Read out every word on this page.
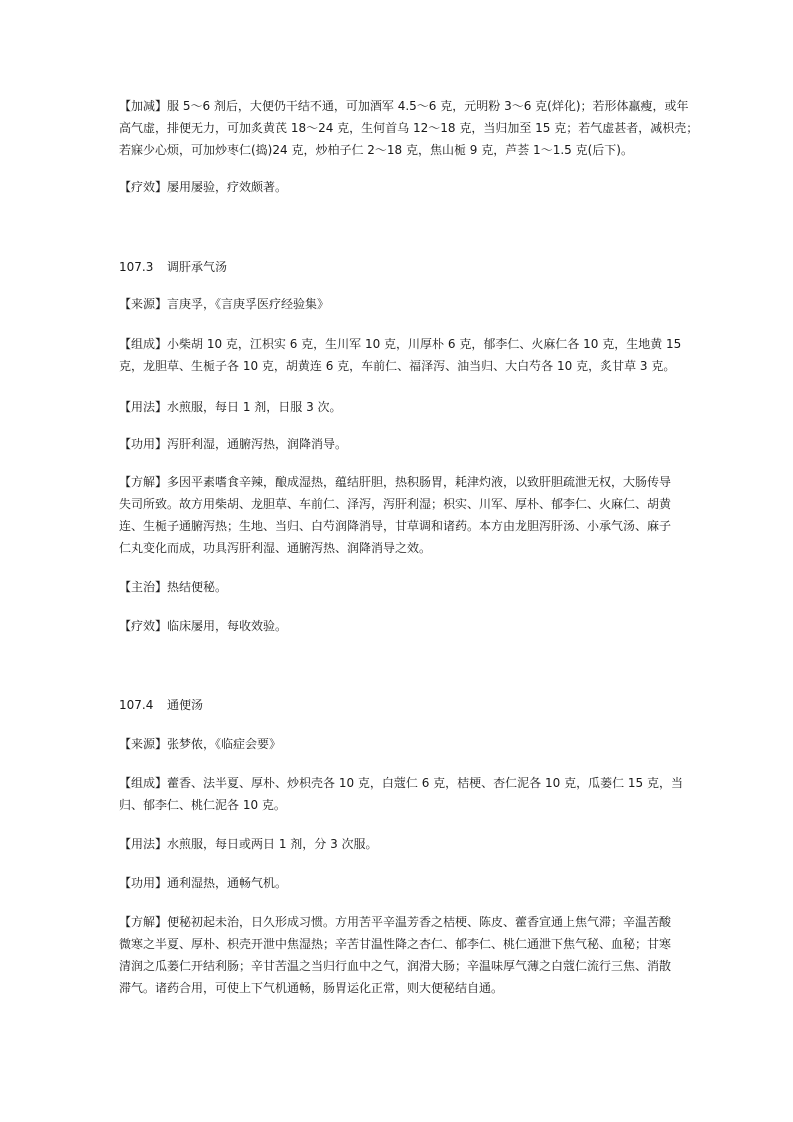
【加减】服 5～6 剂后，大便仍干结不通，可加酒军 4.5～6 克，元明粉 3～6 克(烊化)；若形体羸瘦，或年
高气虚，排便无力，可加炙黄芪 18～24 克，生何首乌 12～18 克，当归加至 15 克；若气虚甚者，减枳壳；
若寐少心烦，可加炒枣仁(捣)24 克，炒柏子仁 2～18 克，焦山栀 9 克，芦荟 1～1.5 克(后下)。
【疗效】屡用屡验，疗效颇著。
107.3 调肝承气汤
【来源】言庚孚，《言庚孚医疗经验集》
【组成】小柴胡 10 克，江枳实 6 克，生川军 10 克，川厚朴 6 克，郁李仁、火麻仁各 10 克，生地黄 15
克，龙胆草、生栀子各 10 克，胡黄连 6 克，车前仁、福泽泻、油当归、大白芍各 10 克，炙甘草 3 克。
【用法】水煎服，每日 1 剂，日服 3 次。
【功用】泻肝利湿，通腑泻热，润降消导。
【方解】多因平素嗜食辛辣，酿成湿热，蕴结肝胆，热积肠胃，耗津灼液，以致肝胆疏泄无权，大肠传导
失司所致。故方用柴胡、龙胆草、车前仁、泽泻，泻肝利湿；枳实、川军、厚朴、郁李仁、火麻仁、胡黄
连、生栀子通腑泻热；生地、当归、白芍润降消导，甘草调和诸药。本方由龙胆泻肝汤、小承气汤、麻子
仁丸变化而成，功具泻肝利湿、通腑泻热、润降消导之效。
【主治】热结便秘。
【疗效】临床屡用，每收效验。
107.4 通便汤
【来源】张梦侬，《临症会要》
【组成】藿香、法半夏、厚朴、炒枳壳各 10 克，白蔻仁 6 克，桔梗、杏仁泥各 10 克，瓜蒌仁 15 克，当
归、郁李仁、桃仁泥各 10 克。
【用法】水煎服，每日或两日 1 剂，分 3 次服。
【功用】通利湿热，通畅气机。
【方解】便秘初起未治，日久形成习惯。方用苦平辛温芳香之桔梗、陈皮、藿香宣通上焦气滞；辛温苦酸
微寒之半夏、厚朴、枳壳开泄中焦湿热；辛苦甘温性降之杏仁、郁李仁、桃仁通泄下焦气秘、血秘；甘寒
清润之瓜蒌仁开结利肠；辛甘苦温之当归行血中之气，润滑大肠；辛温味厚气薄之白蔻仁流行三焦、消散
滞气。诸药合用，可使上下气机通畅，肠胃运化正常，则大便秘结自通。
